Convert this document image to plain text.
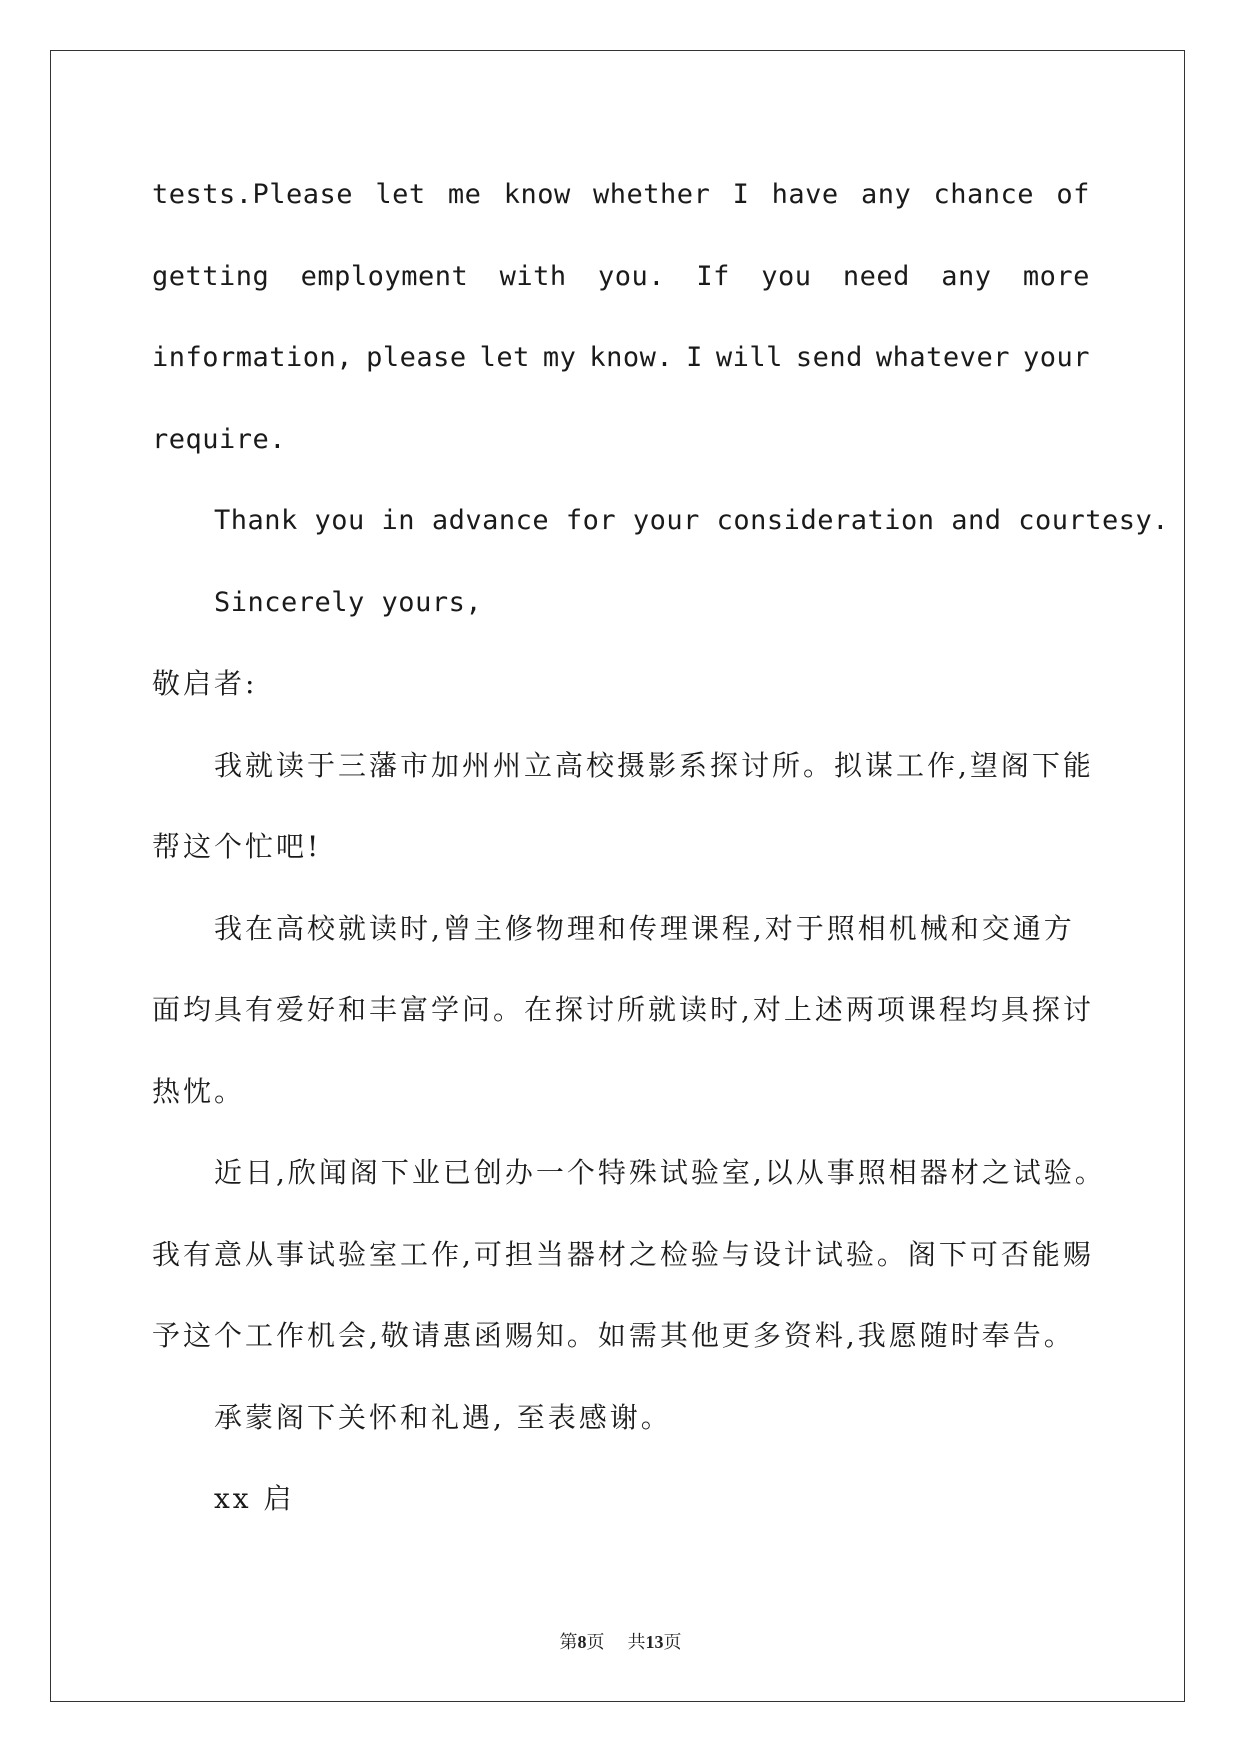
tests.Please let me know whether I have any chance of
getting employment with you. If you need any more
information, please let my know. I will send whatever your
require.
Thank you in advance for your consideration and courtesy.
Sincerely yours,
敬启者:
我就读于三藩市加州州立高校摄影系探讨所。拟谋工作,望阁下能
帮这个忙吧!
我在高校就读时,曾主修物理和传理课程,对于照相机械和交通方
面均具有爱好和丰富学问。在探讨所就读时,对上述两项课程均具探讨
热忱。
近日,欣闻阁下业已创办一个特殊试验室,以从事照相器材之试验。
我有意从事试验室工作,可担当器材之检验与设计试验。阁下可否能赐
予这个工作机会,敬请惠函赐知。如需其他更多资料,我愿随时奉告。
承蒙阁下关怀和礼遇, 至表感谢。
xx 启
第8页 共13页
